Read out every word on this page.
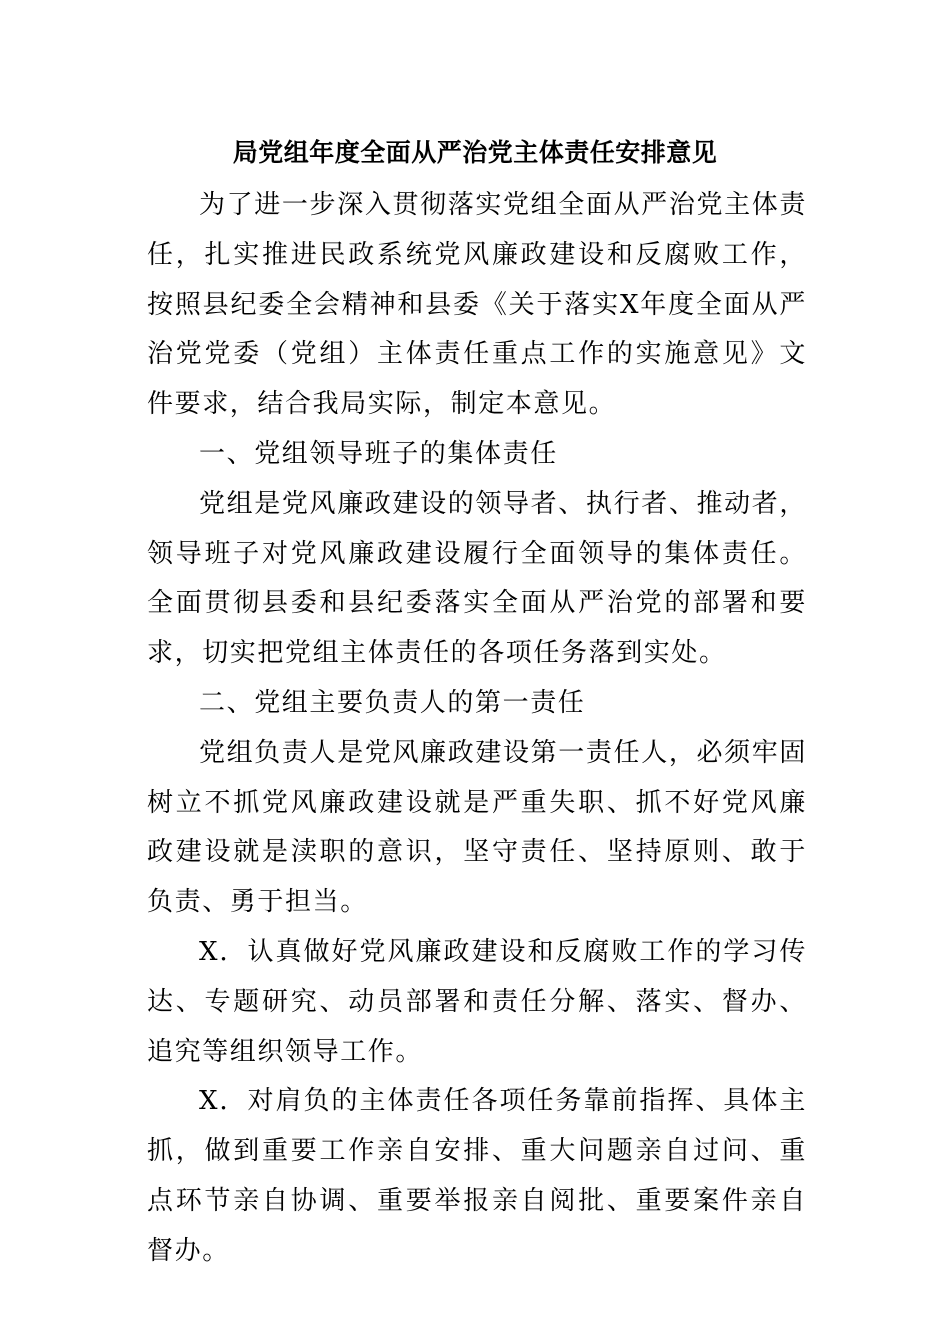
局党组年度全面从严治党主体责任安排意见

为了进一步深入贯彻落实党组全面从严治党主体责任，扎实推进民政系统党风廉政建设和反腐败工作，按照县纪委全会精神和县委《关于落实X年度全面从严治党党委（党组）主体责任重点工作的实施意见》文件要求，结合我局实际，制定本意见。

一、党组领导班子的集体责任

党组是党风廉政建设的领导者、执行者、推动者，领导班子对党风廉政建设履行全面领导的集体责任。全面贯彻县委和县纪委落实全面从严治党的部署和要求，切实把党组主体责任的各项任务落到实处。

二、党组主要负责人的第一责任

党组负责人是党风廉政建设第一责任人，必须牢固树立不抓党风廉政建设就是严重失职、抓不好党风廉政建设就是渎职的意识，坚守责任、坚持原则、敢于负责、勇于担当。

X．认真做好党风廉政建设和反腐败工作的学习传达、专题研究、动员部署和责任分解、落实、督办、追究等组织领导工作。

X．对肩负的主体责任各项任务靠前指挥、具体主抓，做到重要工作亲自安排、重大问题亲自过问、重点环节亲自协调、重要举报亲自阅批、重要案件亲自督办。
